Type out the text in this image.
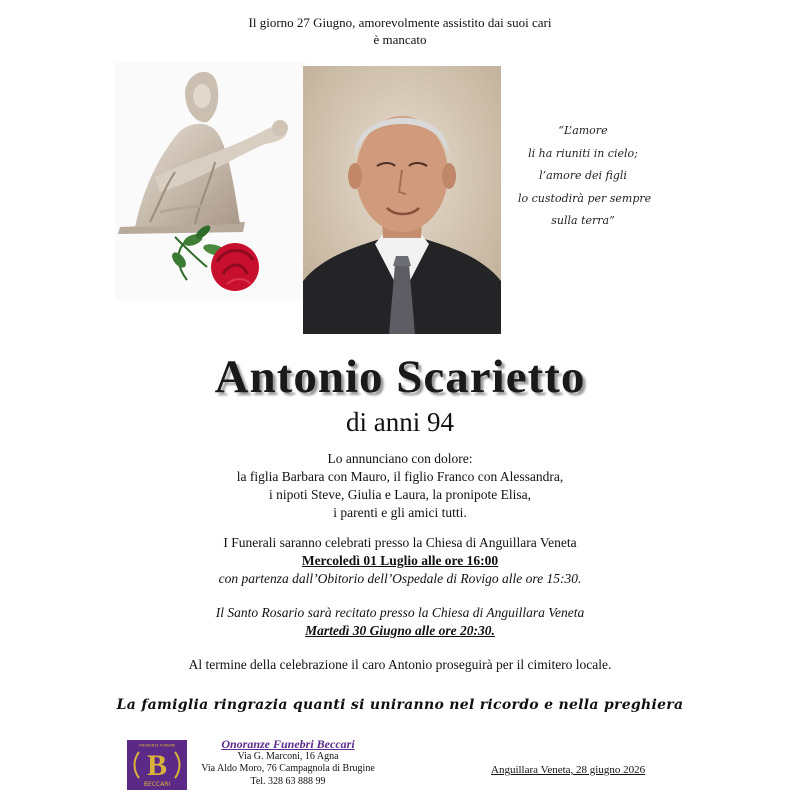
Il giorno 27 Giugno, amorevolmente assistito dai suoi cari
è mancato
“L’amore
li ha riuniti in cielo;
l’amore dei figli
lo custodirà per sempre
sulla terra”
Antonio Scarietto
di anni 94
Lo annunciano con dolore:
la figlia Barbara con Mauro, il figlio Franco con Alessandra,
i nipoti Steve, Giulia e Laura, la pronipote Elisa,
i parenti e gli amici tutti.
I Funerali saranno celebrati presso la Chiesa di Anguillara Veneta
Mercoledì 01 Luglio alle ore 16:00
con partenza dall’Obitorio dell’Ospedale di Rovigo alle ore 15:30.
Il Santo Rosario sarà recitato presso la Chiesa di Anguillara Veneta
Martedì 30 Giugno alle ore 20:30.
Al termine della celebrazione il caro Antonio proseguirà per il cimitero locale.
La famiglia ringrazia quanti si uniranno nel ricordo e nella preghiera
ONORANZE FUNEBRI
B
BECCARI
Onoranze Funebri Beccari
Via G. Marconi, 16 Agna
Via Aldo Moro, 76 Campagnola di Brugine
Tel. 328 63 888 99
Anguillara Veneta, 28 giugno 2026
